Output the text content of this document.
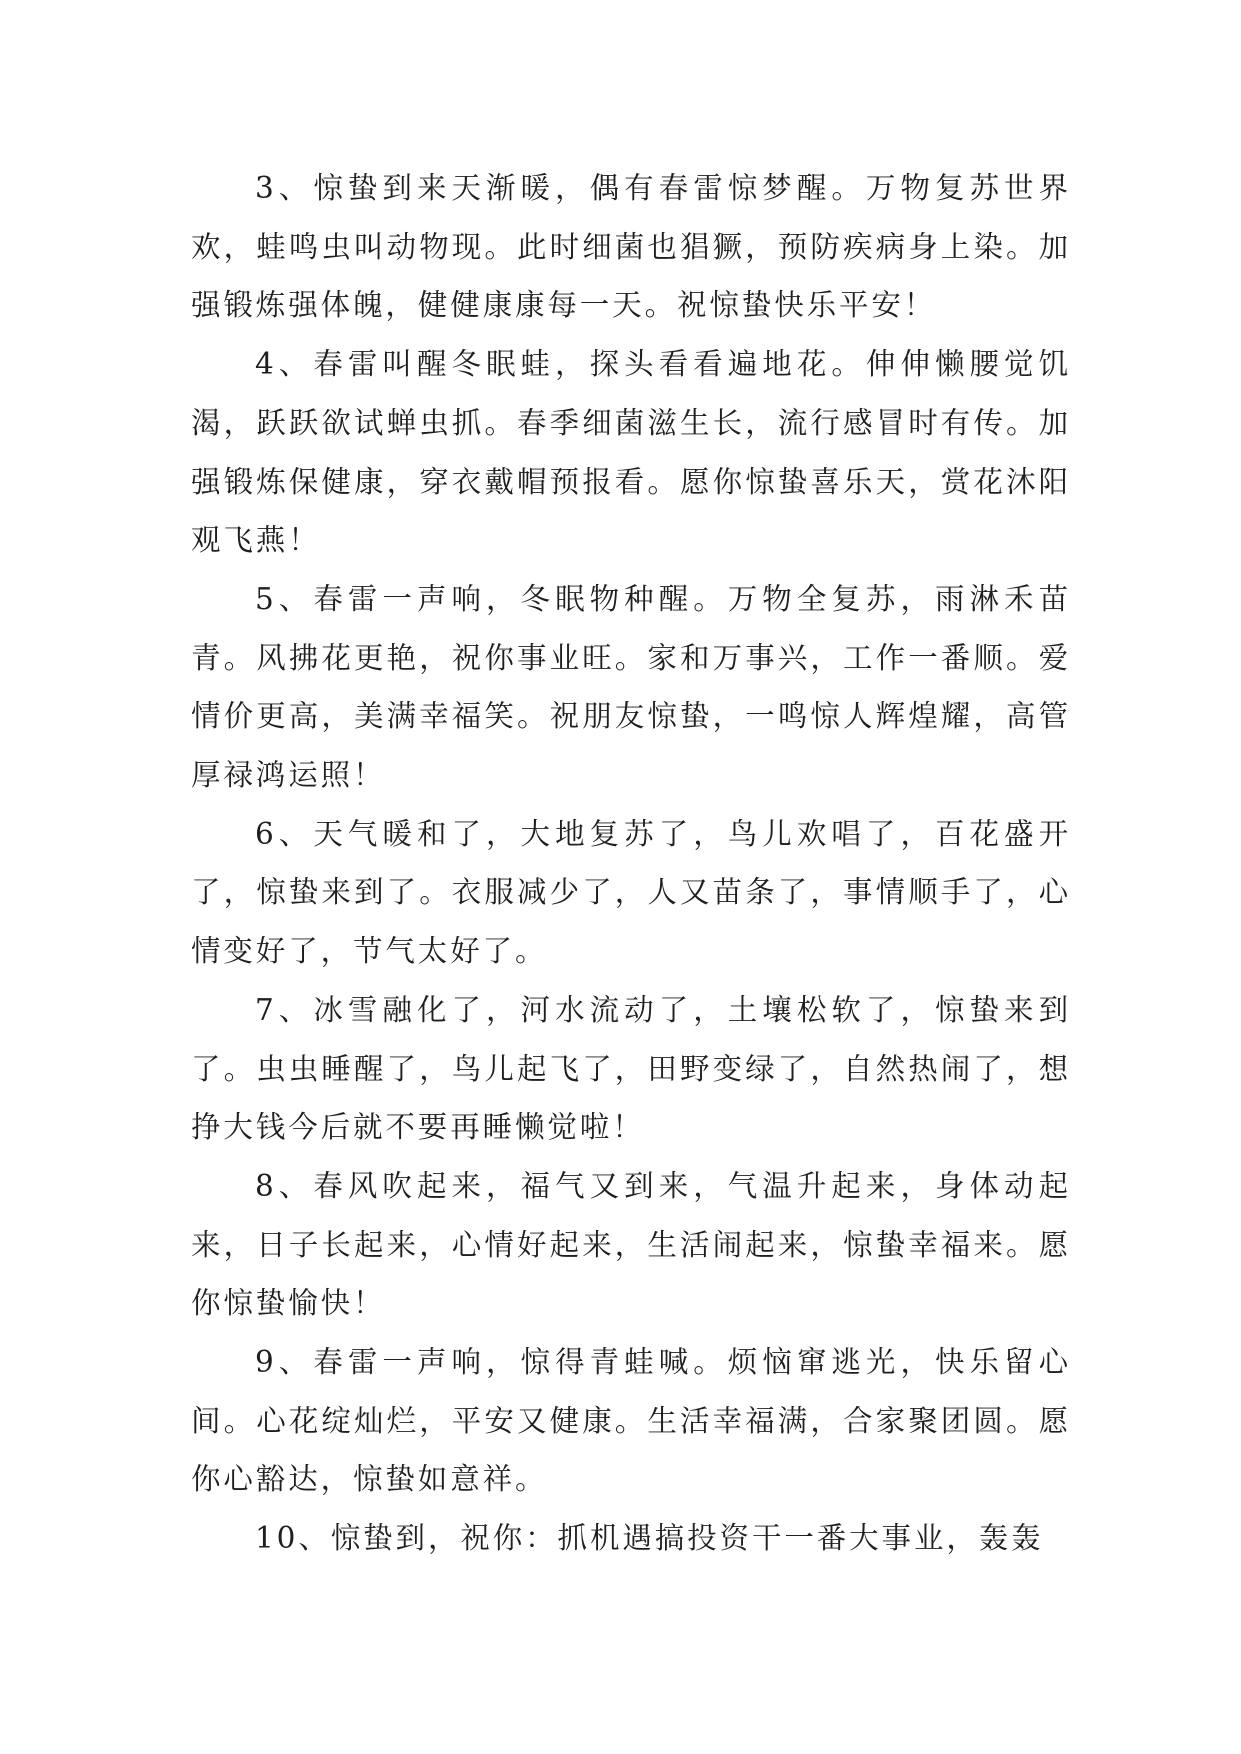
3、惊蛰到来天渐暖，偶有春雷惊梦醒。万物复苏世界欢，蛙鸣虫叫动物现。此时细菌也猖獗，预防疾病身上染。加强锻炼强体魄，健健康康每一天。祝惊蛰快乐平安！

4、春雷叫醒冬眠蛙，探头看看遍地花。伸伸懒腰觉饥渴，跃跃欲试蝉虫抓。春季细菌滋生长，流行感冒时有传。加强锻炼保健康，穿衣戴帽预报看。愿你惊蛰喜乐天，赏花沐阳观飞燕！

5、春雷一声响，冬眠物种醒。万物全复苏，雨淋禾苗青。风拂花更艳，祝你事业旺。家和万事兴，工作一番顺。爱情价更高，美满幸福笑。祝朋友惊蛰，一鸣惊人辉煌耀，高管厚禄鸿运照！

6、天气暖和了，大地复苏了，鸟儿欢唱了，百花盛开了，惊蛰来到了。衣服减少了，人又苗条了，事情顺手了，心情变好了，节气太好了。

7、冰雪融化了，河水流动了，土壤松软了，惊蛰来到了。虫虫睡醒了，鸟儿起飞了，田野变绿了，自然热闹了，想挣大钱今后就不要再睡懒觉啦！

8、春风吹起来，福气又到来，气温升起来，身体动起来，日子长起来，心情好起来，生活闹起来，惊蛰幸福来。愿你惊蛰愉快！

9、春雷一声响，惊得青蛙喊。烦恼窜逃光，快乐留心间。心花绽灿烂，平安又健康。生活幸福满，合家聚团圆。愿你心豁达，惊蛰如意祥。

10、惊蛰到，祝你：抓机遇搞投资干一番大事业，轰轰
